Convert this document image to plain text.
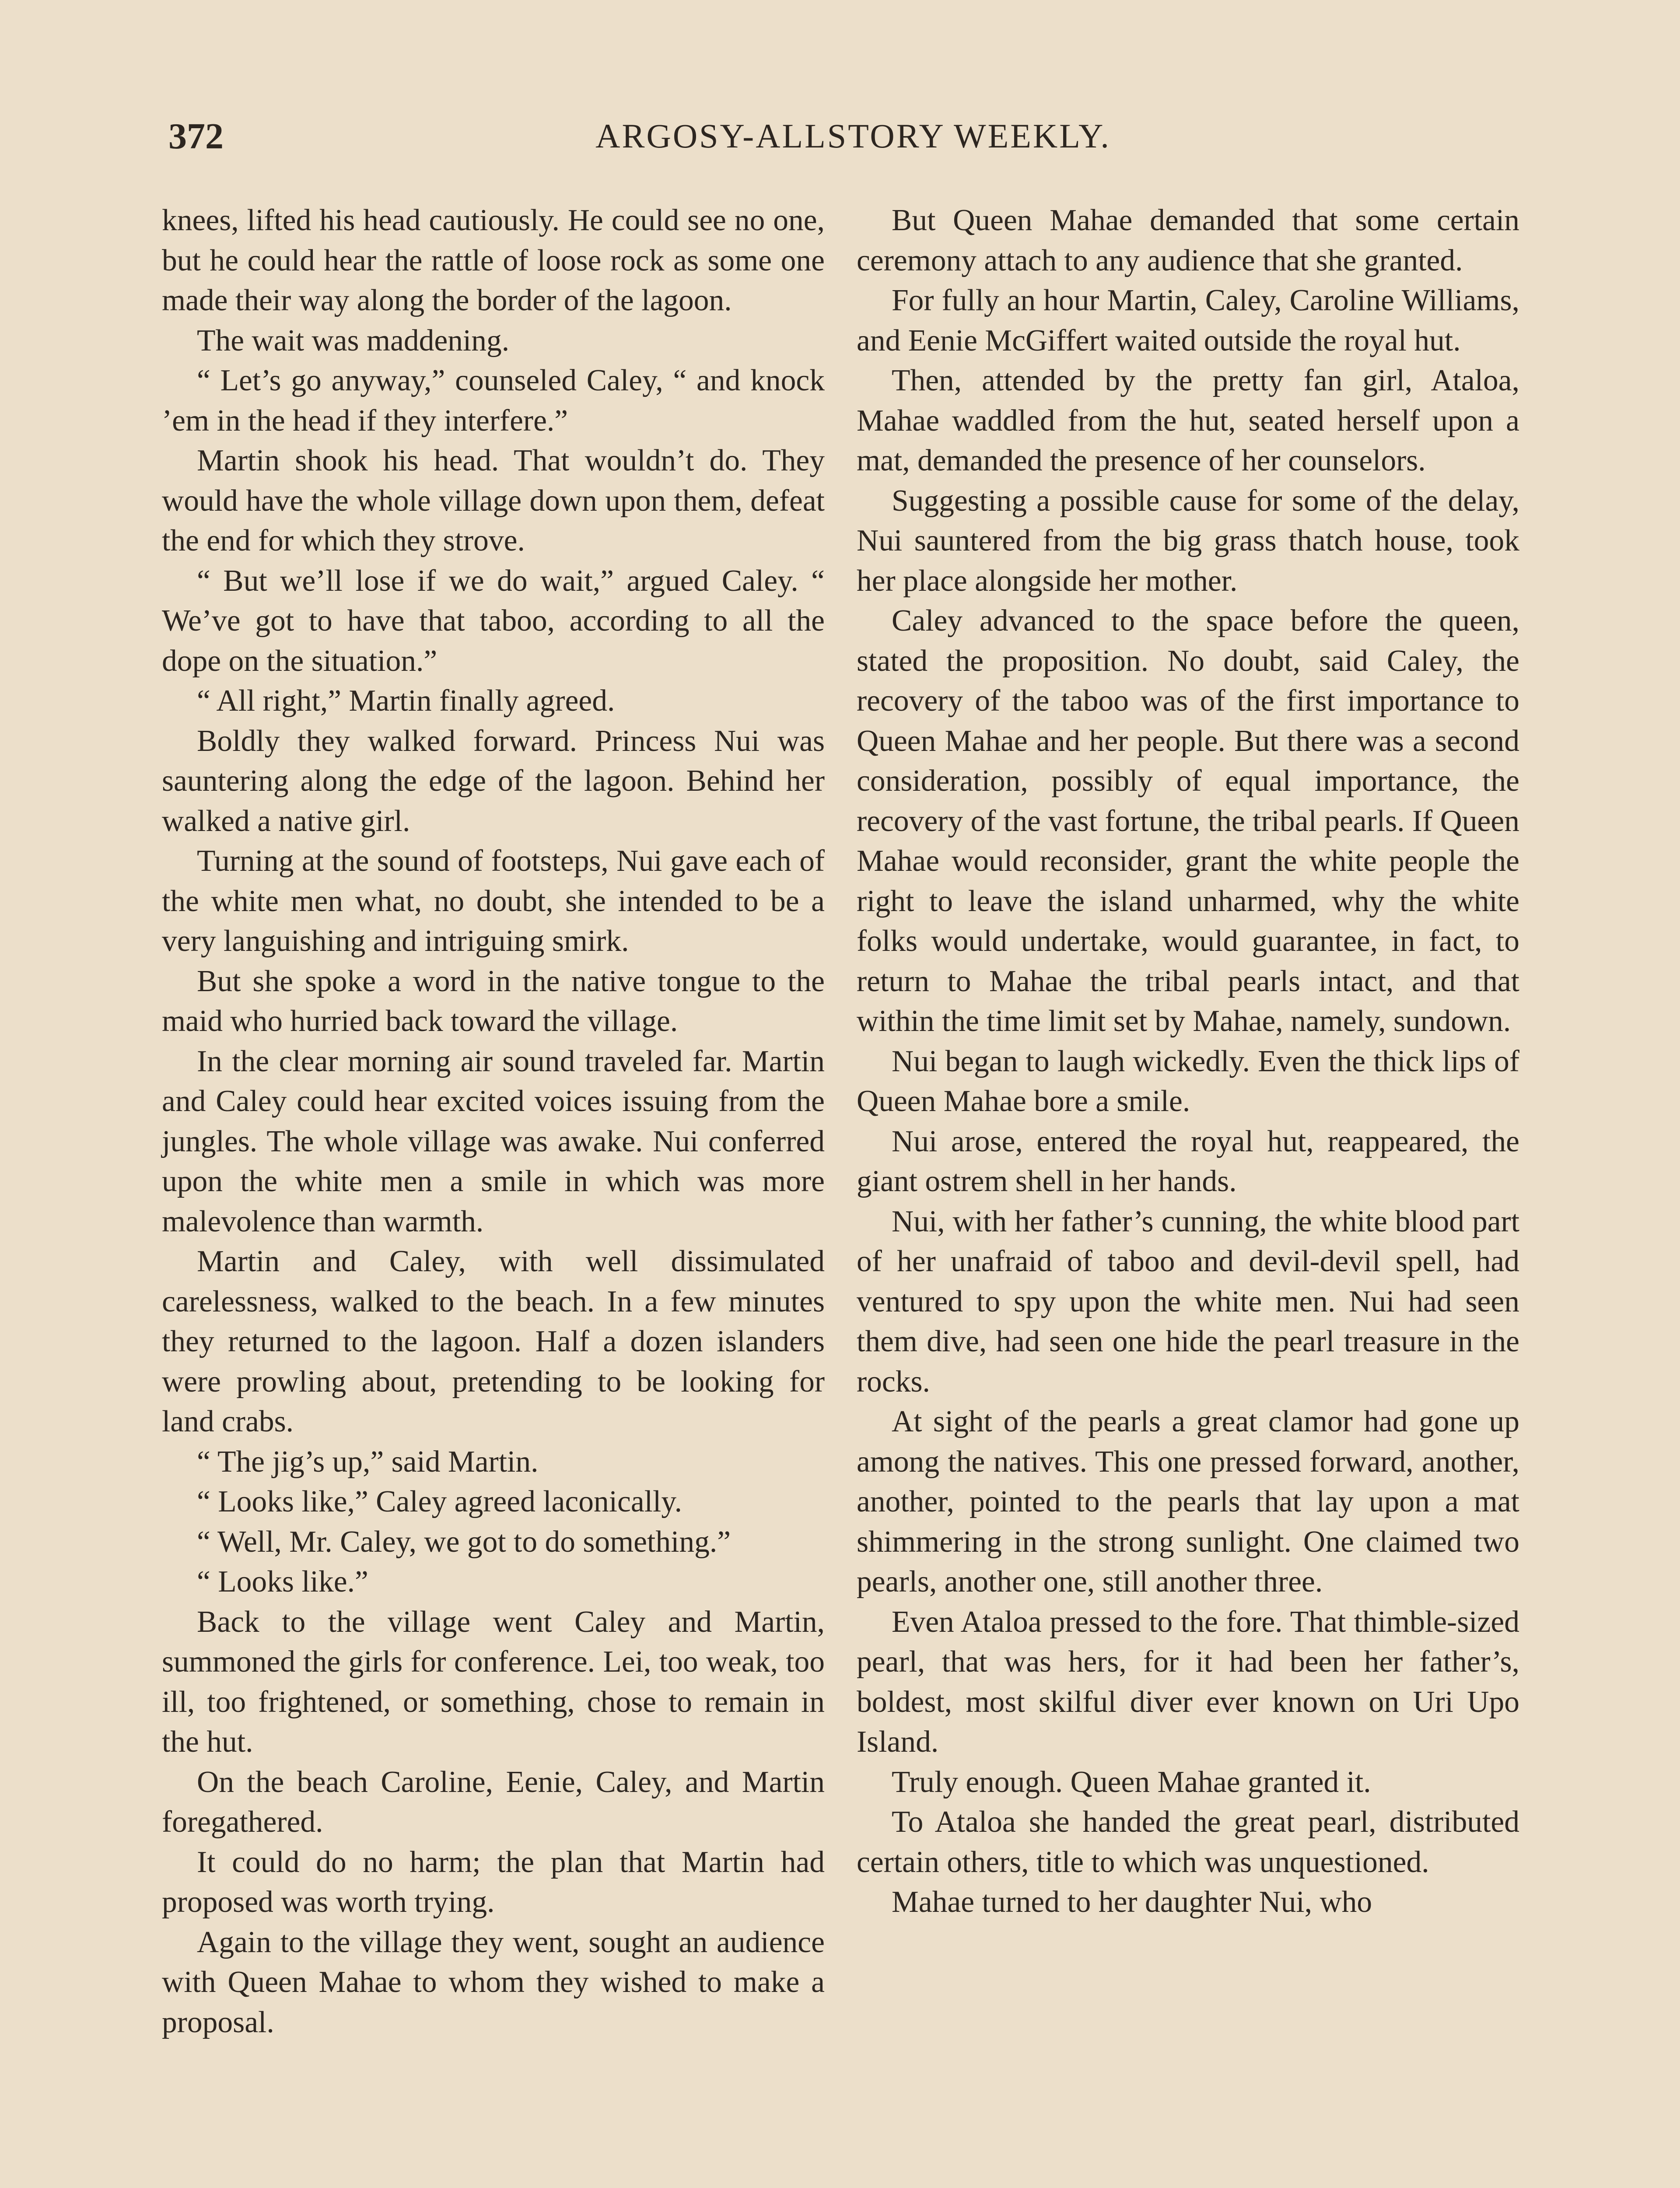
372	ARGOSY-ALLSTORY WEEKLY.

knees, lifted his head cautiously. He could see no one, but he could hear the rattle of loose rock as some one made their way along the border of the lagoon.

The wait was maddening.

“ Let’s go anyway,” counseled Caley, “ and knock ’em in the head if they interfere.”

Martin shook his head. That wouldn’t do. They would have the whole village down upon them, defeat the end for which they strove.

“ But we’ll lose if we do wait,” argued Caley. “ We’ve got to have that taboo, according to all the dope on the situation.”

“ All right,” Martin finally agreed.

Boldly they walked forward. Princess Nui was sauntering along the edge of the lagoon. Behind her walked a native girl.

Turning at the sound of footsteps, Nui gave each of the white men what, no doubt, she intended to be a very languishing and intriguing smirk.

But she spoke a word in the native tongue to the maid who hurried back toward the village.

In the clear morning air sound traveled far. Martin and Caley could hear excited voices issuing from the jungles. The whole village was awake. Nui conferred upon the white men a smile in which was more malevolence than warmth.

Martin and Caley, with well dissimulated carelessness, walked to the beach. In a few minutes they returned to the lagoon. Half a dozen islanders were prowling about, pretending to be looking for land crabs.

“ The jig’s up,” said Martin.

“ Looks like,” Caley agreed laconically.

“ Well, Mr. Caley, we got to do something.”

“ Looks like.”

Back to the village went Caley and Martin, summoned the girls for conference. Lei, too weak, too ill, too frightened, or something, chose to remain in the hut.

On the beach Caroline, Eenie, Caley, and Martin foregathered.

It could do no harm; the plan that Martin had proposed was worth trying.

Again to the village they went, sought an audience with Queen Mahae to whom they wished to make a proposal.

But Queen Mahae demanded that some certain ceremony attach to any audience that she granted.

For fully an hour Martin, Caley, Caroline Williams, and Eenie McGiffert waited outside the royal hut.

Then, attended by the pretty fan girl, Ataloa, Mahae waddled from the hut, seated herself upon a mat, demanded the presence of her counselors.

Suggesting a possible cause for some of the delay, Nui sauntered from the big grass thatch house, took her place alongside her mother.

Caley advanced to the space before the queen, stated the proposition. No doubt, said Caley, the recovery of the taboo was of the first importance to Queen Mahae and her people. But there was a second consideration, possibly of equal importance, the recovery of the vast fortune, the tribal pearls. If Queen Mahae would reconsider, grant the white people the right to leave the island unharmed, why the white folks would undertake, would guarantee, in fact, to return to Mahae the tribal pearls intact, and that within the time limit set by Mahae, namely, sundown.

Nui began to laugh wickedly. Even the thick lips of Queen Mahae bore a smile.

Nui arose, entered the royal hut, reappeared, the giant ostrem shell in her hands.

Nui, with her father’s cunning, the white blood part of her unafraid of taboo and devil-devil spell, had ventured to spy upon the white men. Nui had seen them dive, had seen one hide the pearl treasure in the rocks.

At sight of the pearls a great clamor had gone up among the natives. This one pressed forward, another, another, pointed to the pearls that lay upon a mat shimmering in the strong sunlight. One claimed two pearls, another one, still another three.

Even Ataloa pressed to the fore. That thimble-sized pearl, that was hers, for it had been her father’s, boldest, most skilful diver ever known on Uri Upo Island.

Truly enough. Queen Mahae granted it.

To Ataloa she handed the great pearl, distributed certain others, title to which was unquestioned.

Mahae turned to her daughter Nui, who
